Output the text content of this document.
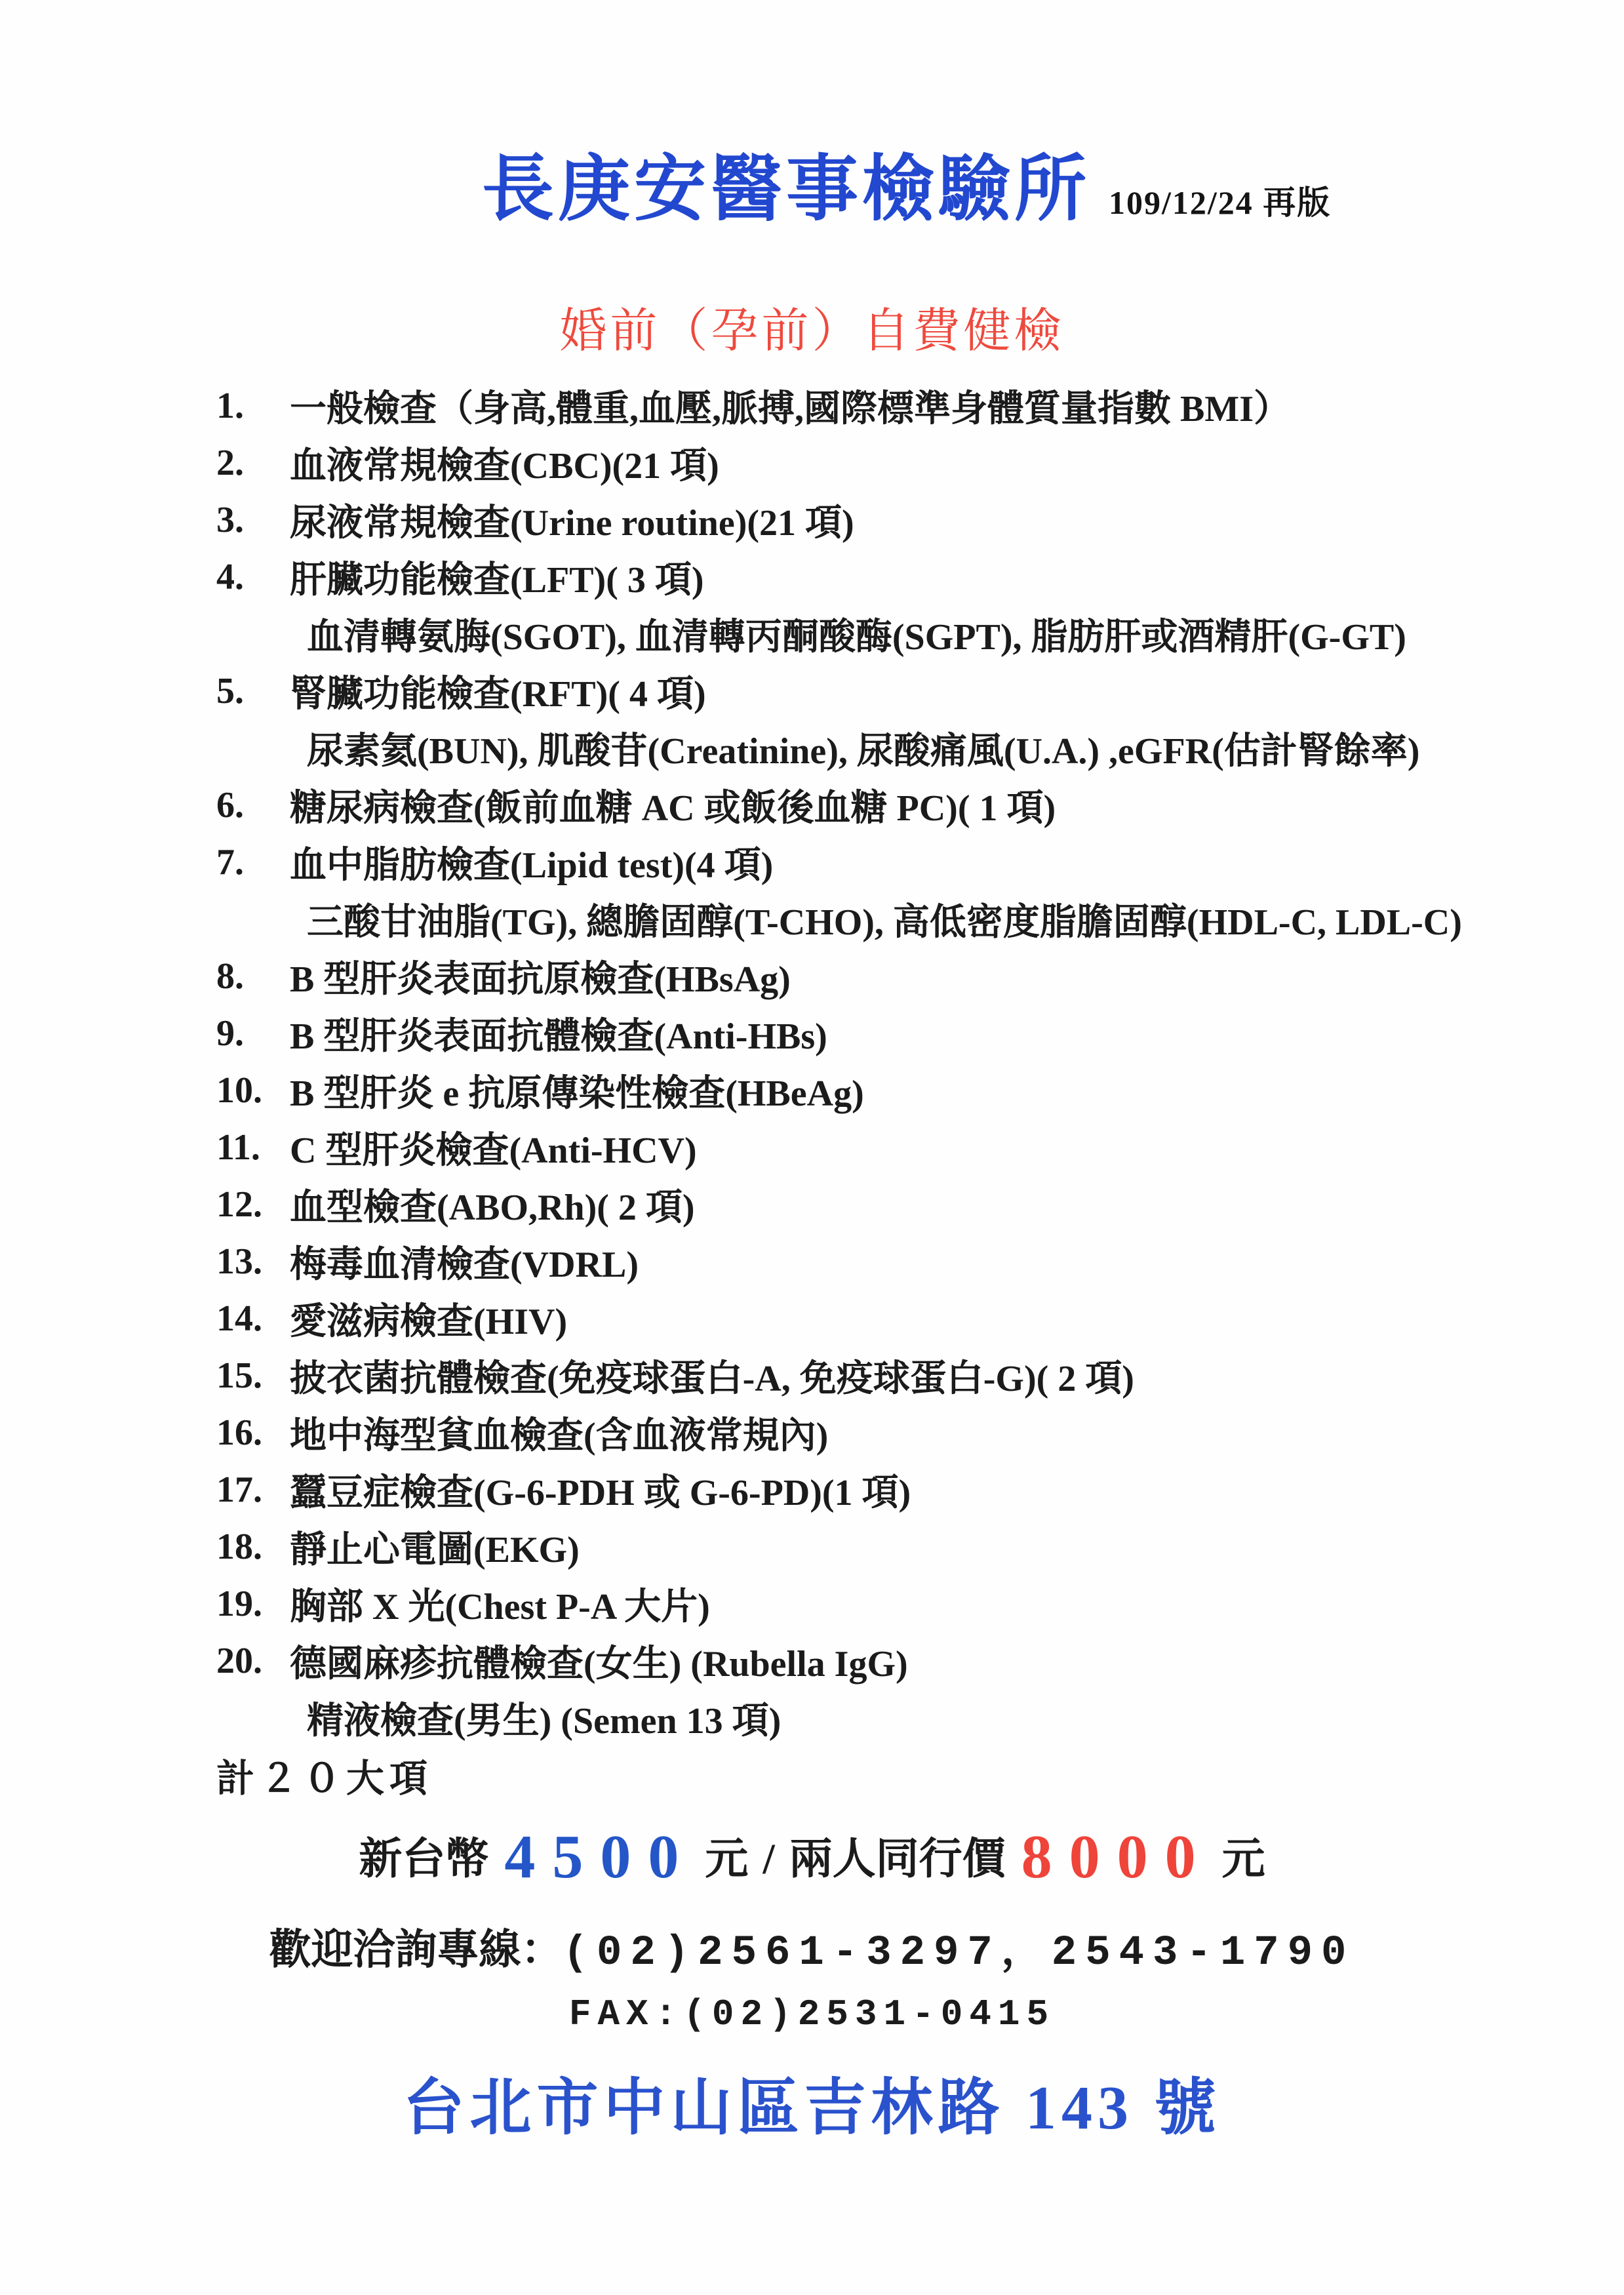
長庚安醫事檢驗所 109/12/24 再版
婚前（孕前）自費健檢
1.	一般檢查（身高,體重,血壓,脈搏,國際標準身體質量指數 BMI）
2.	血液常規檢查(CBC)(21 項)
3.	尿液常規檢查(Urine routine)(21 項)
4.	肝臟功能檢查(LFT)( 3 項)
血清轉氨脢(SGOT), 血清轉丙酮酸酶(SGPT), 脂肪肝或酒精肝(G-GT)
5.	腎臟功能檢查(RFT)( 4 項)
尿素氦(BUN), 肌酸苷(Creatinine), 尿酸痛風(U.A.) ,eGFR(估計腎餘率)
6.	糖尿病檢查(飯前血糖 AC 或飯後血糖 PC)( 1 項)
7.	血中脂肪檢查(Lipid test)(4 項)
三酸甘油脂(TG), 總膽固醇(T-CHO), 高低密度脂膽固醇(HDL-C, LDL-C)
8.	B 型肝炎表面抗原檢查(HBsAg)
9.	B 型肝炎表面抗體檢查(Anti-HBs)
10. B 型肝炎 e 抗原傳染性檢查(HBeAg)
11. C 型肝炎檢查(Anti-HCV)
12. 血型檢查(ABO,Rh)( 2 項)
13. 梅毒血清檢查(VDRL)
14. 愛滋病檢查(HIV)
15. 披衣菌抗體檢查(免疫球蛋白-A, 免疫球蛋白-G)( 2 項)
16. 地中海型貧血檢查(含血液常規內)
17. 蠶豆症檢查(G-6-PDH 或 G-6-PD)(1 項)
18. 靜止心電圖(EKG)
19. 胸部 X 光(Chest P-A 大片)
20. 德國麻疹抗體檢查(女生) (Rubella IgG)
精液檢查(男生) (Semen 13 項)
計２０大項
新台幣 4500 元 / 兩人同行價 8000 元
歡迎洽詢專線：(02)2561-3297，2543-1790
FAX:(02)2531-0415
台北市中山區吉林路 143 號
